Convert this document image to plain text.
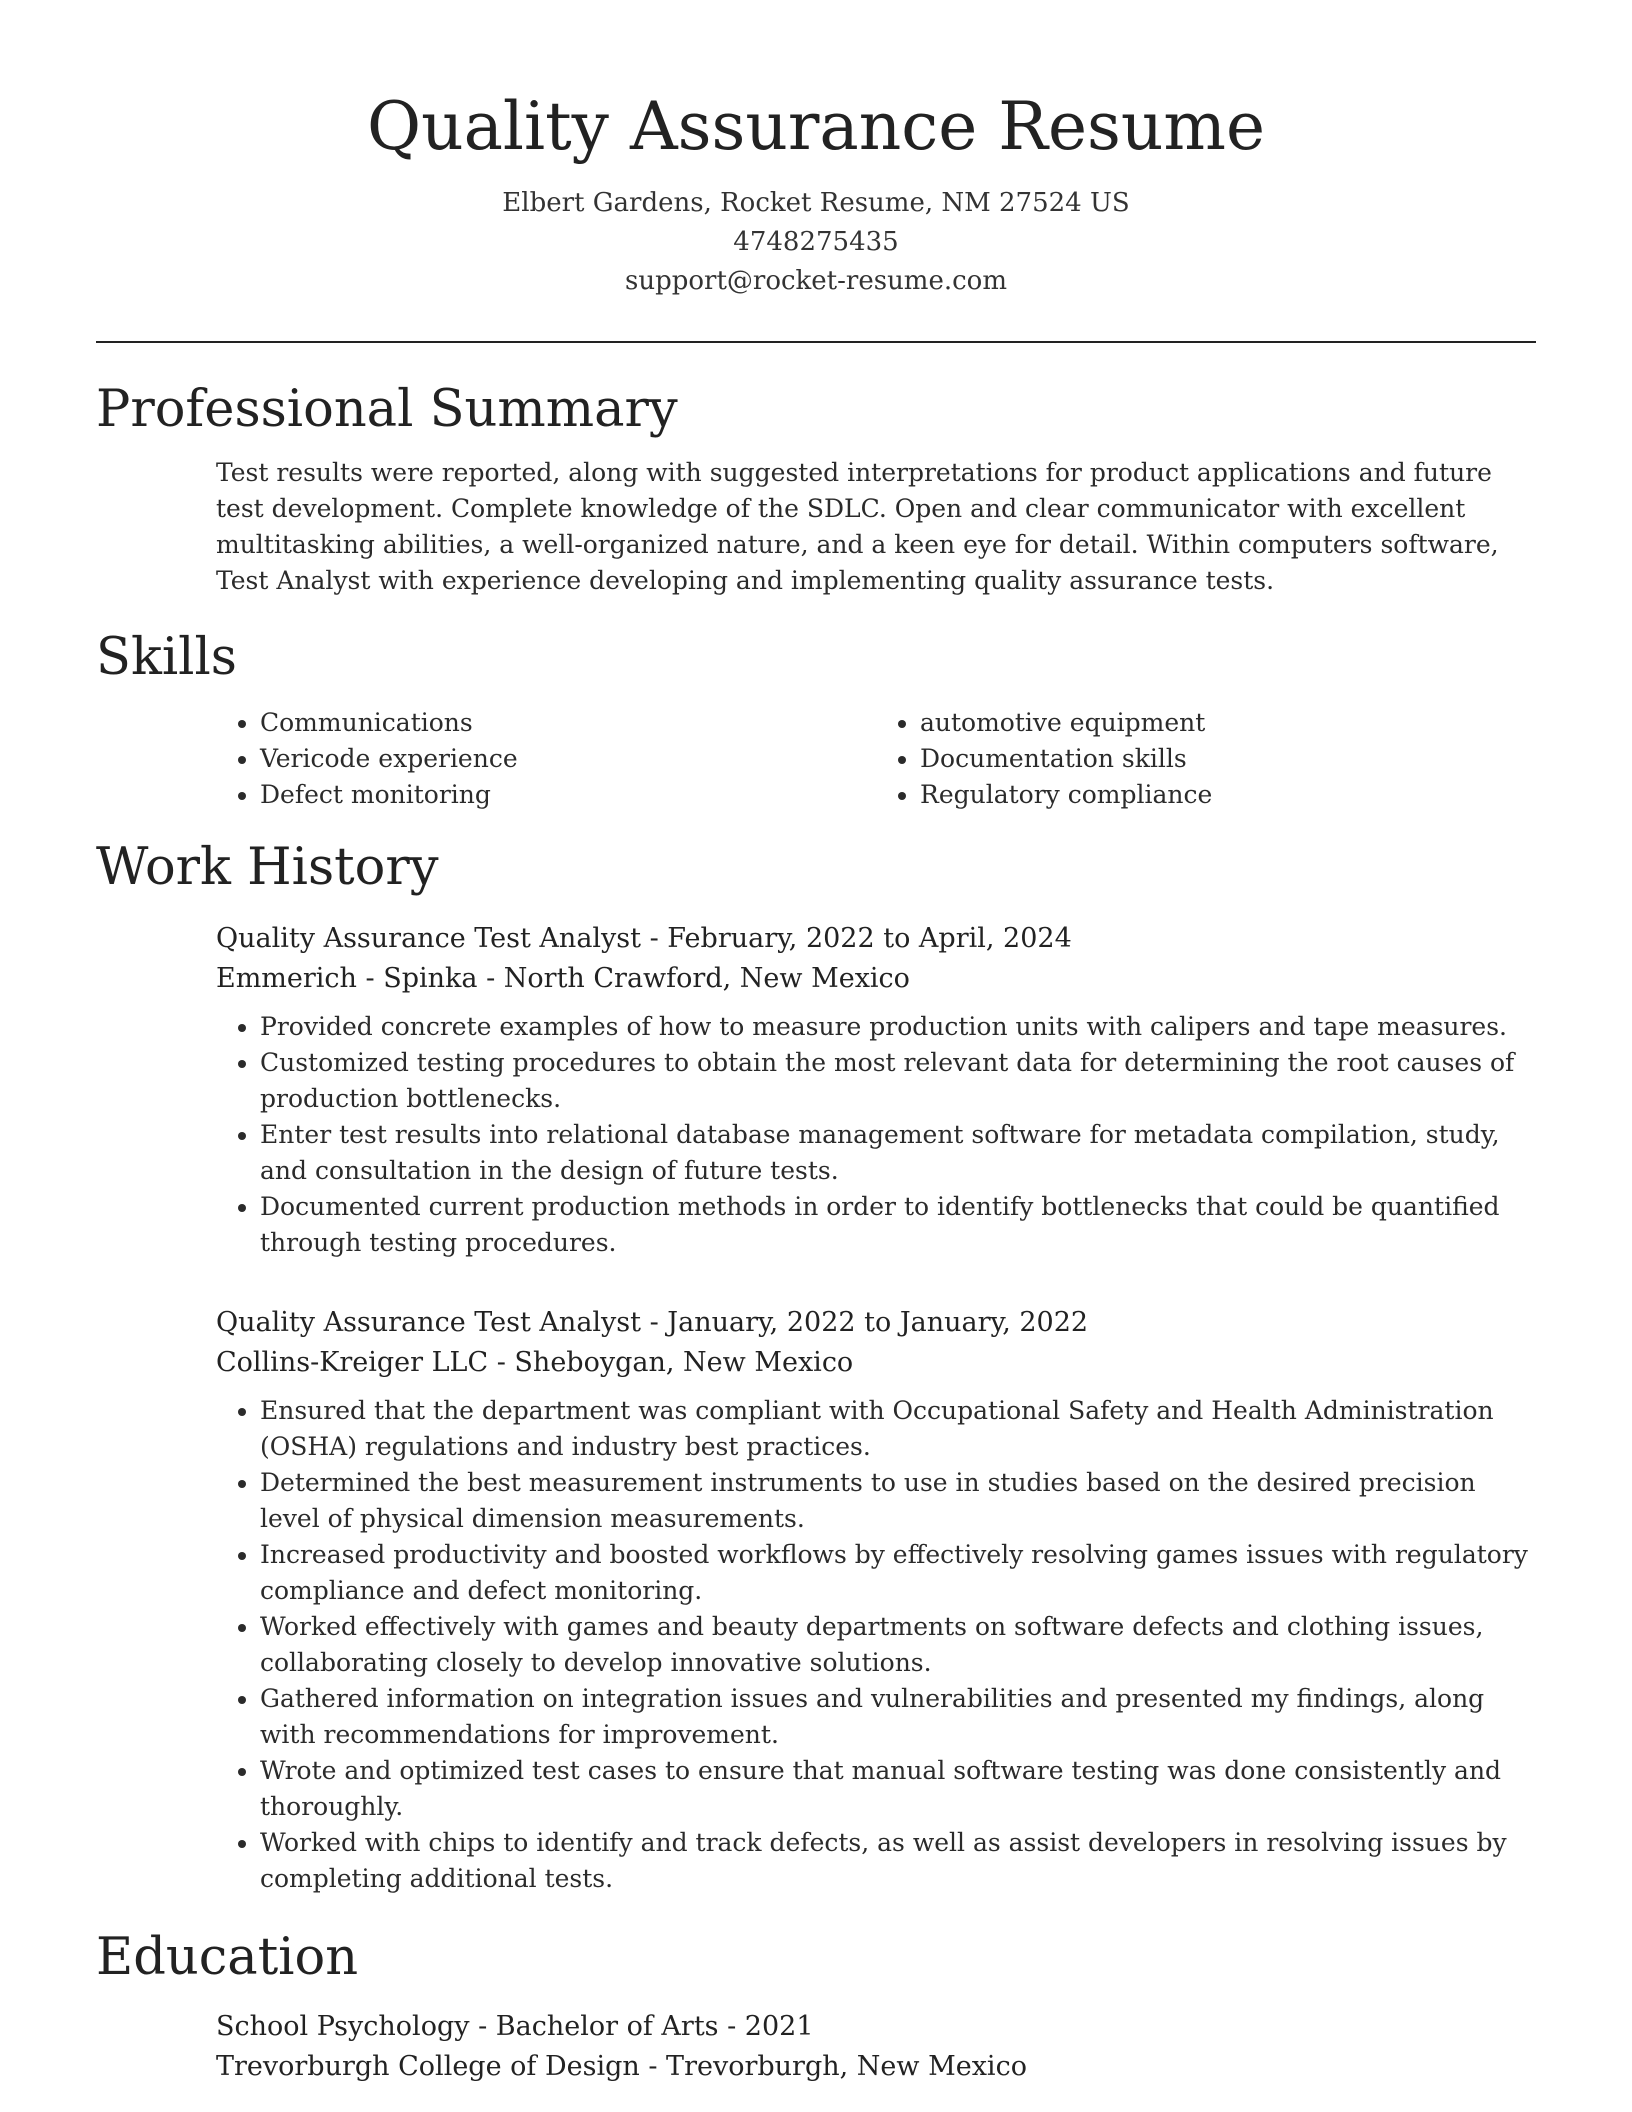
Quality Assurance Resume
Elbert Gardens, Rocket Resume, NM 27524 US
4748275435
support@rocket-resume.com
Professional Summary

Test results were reported, along with suggested interpretations for product applications and future test development. Complete knowledge of the SDLC. Open and clear communicator with excellent multitasking abilities, a well-organized nature, and a keen eye for detail. Within computers software, Test Analyst with experience developing and implementing quality assurance tests.

Skills
• Communications
• Vericode experience
• Defect monitoring
• automotive equipment
• Documentation skills
• Regulatory compliance
Work History
Quality Assurance Test Analyst - February, 2022 to April, 2024
Emmerich - Spinka - North Crawford, New Mexico
• Provided concrete examples of how to measure production units with calipers and tape measures.
• Customized testing procedures to obtain the most relevant data for determining the root causes of production bottlenecks.
• Enter test results into relational database management software for metadata compilation, study, and consultation in the design of future tests.
• Documented current production methods in order to identify bottlenecks that could be quantified through testing procedures.
Quality Assurance Test Analyst - January, 2022 to January, 2022
Collins-Kreiger LLC - Sheboygan, New Mexico
• Ensured that the department was compliant with Occupational Safety and Health Administration (OSHA) regulations and industry best practices.
• Determined the best measurement instruments to use in studies based on the desired precision level of physical dimension measurements.
• Increased productivity and boosted workflows by effectively resolving games issues with regulatory compliance and defect monitoring.
• Worked effectively with games and beauty departments on software defects and clothing issues, collaborating closely to develop innovative solutions.
• Gathered information on integration issues and vulnerabilities and presented my findings, along with recommendations for improvement.
• Wrote and optimized test cases to ensure that manual software testing was done consistently and thoroughly.
• Worked with chips to identify and track defects, as well as assist developers in resolving issues by completing additional tests.
Education
School Psychology - Bachelor of Arts - 2021
Trevorburgh College of Design - Trevorburgh, New Mexico
